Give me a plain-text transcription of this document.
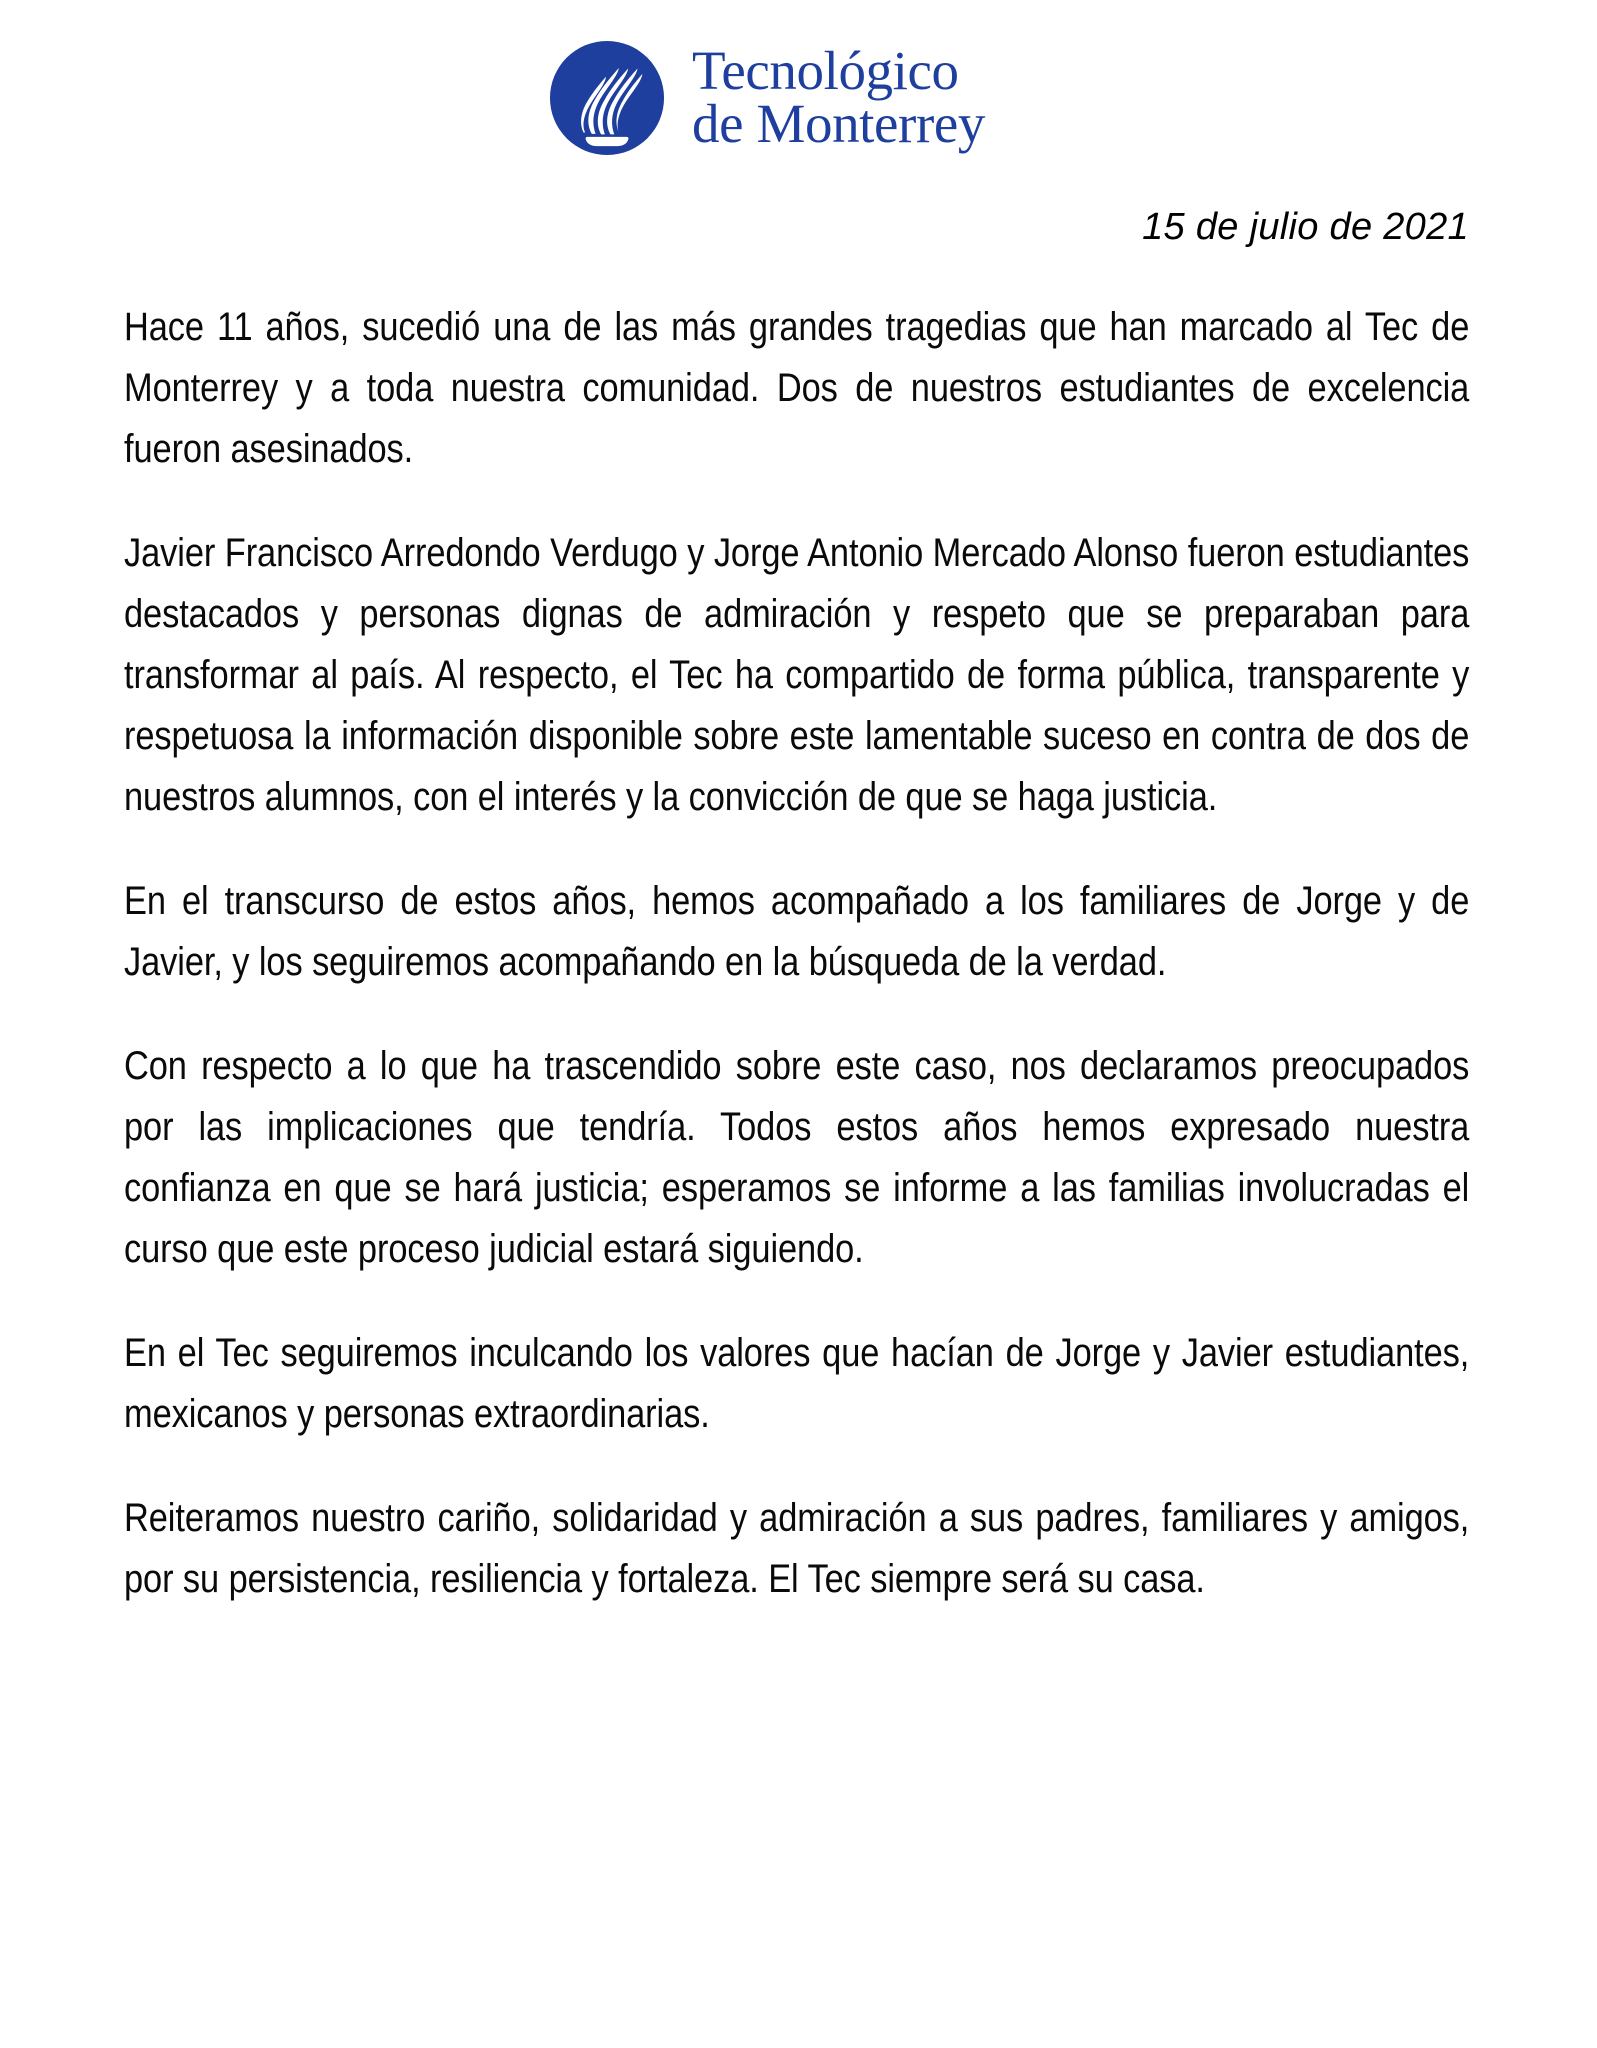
Tecnológico
de Monterrey
15 de julio de 2021

Hace 11 años, sucedió una de las más grandes tragedias que han marcado al Tec de Monterrey y a toda nuestra comunidad. Dos de nuestros estudiantes de excelencia fueron asesinados.

Javier Francisco Arredondo Verdugo y Jorge Antonio Mercado Alonso fueron estudiantes destacados y personas dignas de admiración y respeto que se preparaban para transformar al país. Al respecto, el Tec ha compartido de forma pública, transparente y respetuosa la información disponible sobre este lamentable suceso en contra de dos de nuestros alumnos, con el interés y la convicción de que se haga justicia.

En el transcurso de estos años, hemos acompañado a los familiares de Jorge y de Javier, y los seguiremos acompañando en la búsqueda de la verdad.

Con respecto a lo que ha trascendido sobre este caso, nos declaramos preocupados por las implicaciones que tendría. Todos estos años hemos expresado nuestra confianza en que se hará justicia; esperamos se informe a las familias involucradas el curso que este proceso judicial estará siguiendo.

En el Tec seguiremos inculcando los valores que hacían de Jorge y Javier estudiantes, mexicanos y personas extraordinarias.

Reiteramos nuestro cariño, solidaridad y admiración a sus padres, familiares y amigos, por su persistencia, resiliencia y fortaleza. El Tec siempre será su casa.
